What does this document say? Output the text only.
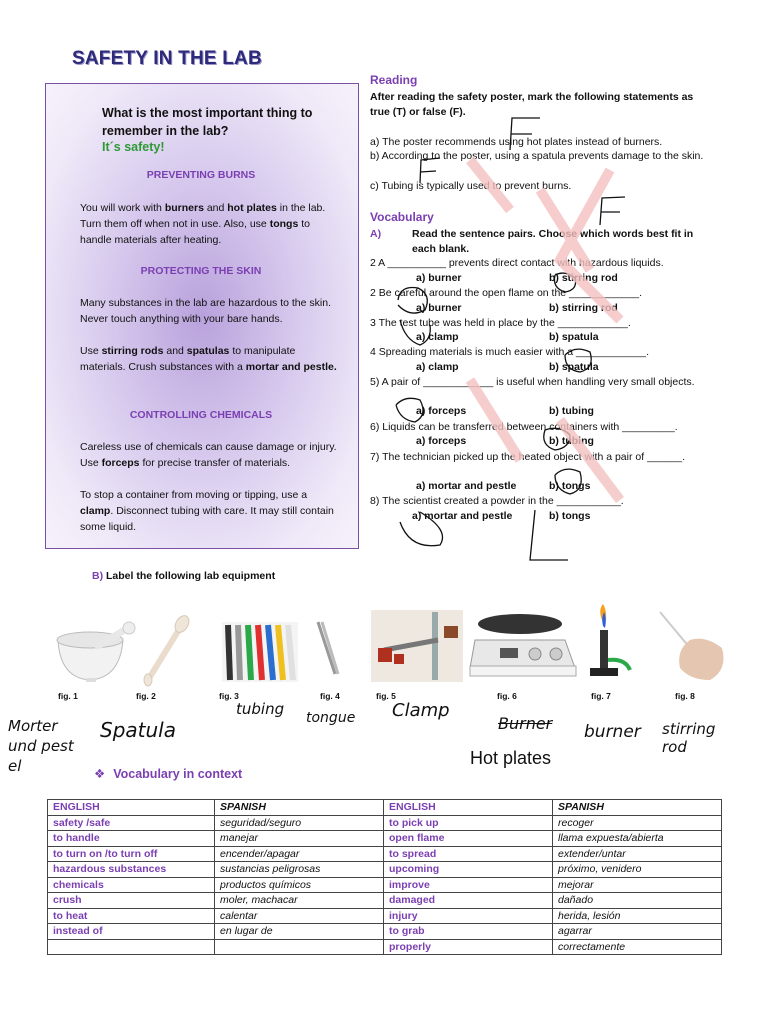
SAFETY IN THE LAB
What is the most important thing to remember in the lab?
It´s safety!
PREVENTING BURNS
You will work with burners and hot plates in the lab. Turn them off when not in use. Also, use tongs to handle materials after heating.
PROTECTING THE SKIN
Many substances in the lab are hazardous to the skin. Never touch anything with your bare hands.
Use stirring rods and spatulas to manipulate materials. Crush substances with a mortar and pestle.
CONTROLLING CHEMICALS
Careless use of chemicals can cause damage or injury. Use forceps for precise transfer of materials.
To stop a container from moving or tipping, use a clamp. Disconnect tubing with care. It may still contain some liquid.
Reading
After reading the safety poster, mark the following statements as true (T) or false (F).
a) The poster recommends using hot plates instead of burners.
b) According to the poster, using a spatula prevents damage to the skin.
c) Tubing is typically used to prevent burns.
Vocabulary
A)	Read the sentence pairs. Choose which words best fit in each blank.
2 A __________ prevents direct contact with hazardous liquids.
a) burner	b) stirring rod
2 Be careful around the open flame on the ____________.
a) burner	b) stirring rod
3 The test tube was held in place by the ____________.
a) clamp	b) spatula
4 Spreading materials is much easier with a ____________.
a) clamp	b) spatula
5) A pair of ____________ is useful when handling very small objects.
a) forceps	b) tubing
6) Liquids can be transferred between containers with _________.
a) forceps	b) tubing
7) The technician picked up the heated object with a pair of ______.
a) mortar and pestle	b) tongs
8) The scientist created a powder in the ___________.
a) mortar and pestle	b) tongs
B) Label the following lab equipment
fig. 1	fig. 2	fig. 3	fig. 4	fig. 5	fig. 6	fig. 7	fig. 8
Morter und pest el
Spatula
tubing tongue Clamp
Burner burner stirring rod
Hot plates
❖ Vocabulary in context
ENGLISH	SPANISH	ENGLISH	SPANISH
safety /safe	seguridad/seguro	to pick up	recoger
to handle	manejar	open flame	llama expuesta/abierta
to turn on /to turn off	encender/apagar	to spread	extender/untar
hazardous substances	sustancias peligrosas	upcoming	próximo, venidero
chemicals	productos químicos	improve	mejorar
crush	moler, machacar	damaged	dañado
to heat	calentar	injury	herida, lesión
instead of	en lugar de	to grab	agarrar
		properly	correctamente
